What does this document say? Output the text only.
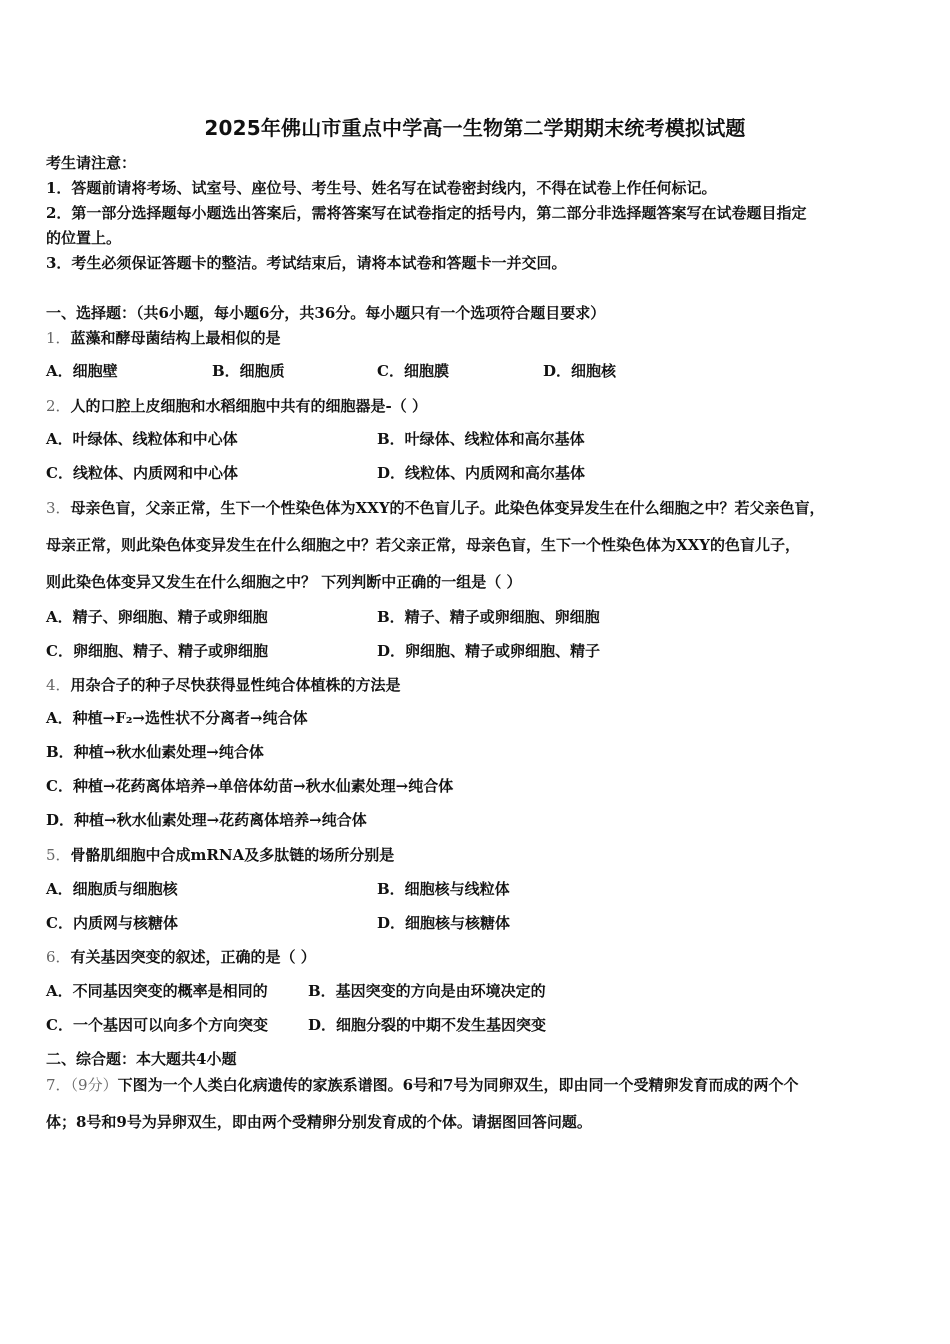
2025年佛山市重点中学高一生物第二学期期末统考模拟试题
考生请注意：
1．答题前请将考场、试室号、座位号、考生号、姓名写在试卷密封线内，不得在试卷上作任何标记。
2．第一部分选择题每小题选出答案后，需将答案写在试卷指定的括号内，第二部分非选择题答案写在试卷题目指定
的位置上。
3．考生必须保证答题卡的整洁。考试结束后，请将本试卷和答题卡一并交回。
一、选择题：（共6小题，每小题6分，共36分。每小题只有一个选项符合题目要求）
1．蓝藻和酵母菌结构上最相似的是
A．细胞壁	B．细胞质	C．细胞膜	D．细胞核
2．人的口腔上皮细胞和水稻细胞中共有的细胞器是-（ ）
A．叶绿体、线粒体和中心体	B．叶绿体、线粒体和高尔基体
C．线粒体、内质网和中心体	D．线粒体、内质网和高尔基体
3．母亲色盲，父亲正常，生下一个性染色体为XXY的不色盲儿子。此染色体变异发生在什么细胞之中？若父亲色盲，
母亲正常，则此染色体变异发生在什么细胞之中？若父亲正常，母亲色盲，生下一个性染色体为XXY的色盲儿子，
则此染色体变异又发生在什么细胞之中？ 下列判断中正确的一组是（ ）
A．精子、卵细胞、精子或卵细胞	B．精子、精子或卵细胞、卵细胞
C．卵细胞、精子、精子或卵细胞	D．卵细胞、精子或卵细胞、精子
4．用杂合子的种子尽快获得显性纯合体植株的方法是
A．种植→F₂→选性状不分离者→纯合体
B．种植→秋水仙素处理→纯合体
C．种植→花药离体培养→单倍体幼苗→秋水仙素处理→纯合体
D．种植→秋水仙素处理→花药离体培养→纯合体
5．骨骼肌细胞中合成mRNA及多肽链的场所分别是
A．细胞质与细胞核	B．细胞核与线粒体
C．内质网与核糖体	D．细胞核与核糖体
6．有关基因突变的叙述，正确的是（ ）
A．不同基因突变的概率是相同的	B．基因突变的方向是由环境决定的
C．一个基因可以向多个方向突变	D．细胞分裂的中期不发生基因突变
二、综合题：本大题共4小题
7．（9分）下图为一个人类白化病遗传的家族系谱图。6号和7号为同卵双生，即由同一个受精卵发育而成的两个个
体；8号和9号为异卵双生，即由两个受精卵分别发育成的个体。请据图回答问题。
